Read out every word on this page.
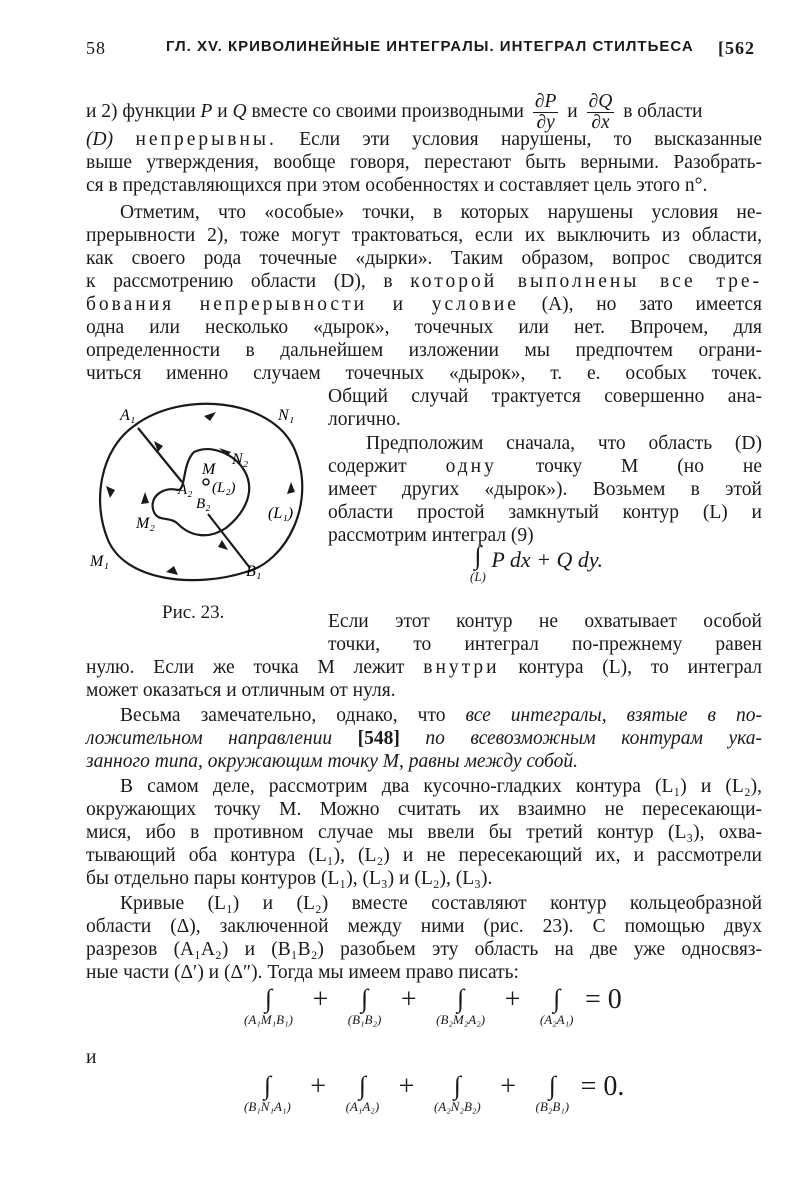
58	ГЛ. XV. КРИВОЛИНЕЙНЫЕ ИНТЕГРАЛЫ. ИНТЕГРАЛ СТИЛТЬЕСА [562
и 2) функции P и Q вместе со своими производными $\frac{\partial P}{\partial y}$ и $\frac{\partial Q}{\partial x}$ в области
(D) непрерывны. Если эти условия нарушены, то высказанные
выше утверждения, вообще говоря, перестают быть верными. Разобрать-
ся в представляющихся при этом особенностях и составляет цель этого n°.
Отметим, что «особые» точки, в которых нарушены условия не-
прерывности 2), тоже могут трактоваться, если их выключить из области,
как своего рода точечные «дырки». Таким образом, вопрос сводится
к рассмотрению области (D), в которой выполнены все тре-
бования непрерывности и условие (А), но зато имеется
одна или несколько «дырок», точечных или нет. Впрочем, для
определенности в дальнейшем изложении мы предпочтем ограни-
читься именно случаем точечных «дырок», т. е. особых точек.
Общий случай трактуется совершенно ана-
логично.
Предположим сначала, что область (D)
содержит одну точку M (но не
имеет других «дырок»). Возьмем в этой
области простой замкнутый контур (L) и
рассмотрим интеграл (9)
∫
(L)
P dx + Q dy.
A₁	N₁
N₂
M
A₂ (L₂)
B₂
(L₁)
M₂
M₁
B₁
Рис. 23.	Если этот контур не охватывает особой
точки, то интеграл по-прежнему равен
нулю. Если же точка M лежит внутри контура (L), то интеграл
может оказаться и отличным от нуля.
Весьма замечательно, однако, что все интегралы, взятые в по-
ложительном направлении [548] по всевозможным контурам ука-
занного типа, окружающим точку M, равны между собой.
В самом деле, рассмотрим два кусочно-гладких контура (L₁) и (L₂),
окружающих точку M. Можно считать их взаимно не пересекающи-
мися, ибо в противном случае мы ввели бы третий контур (L₃), охва-
тывающий оба контура (L₁), (L₂) и не пересекающий их, и рассмотрели
бы отдельно пары контуров (L₁), (L₃) и (L₂), (L₃).
Кривые (L₁) и (L₂) вместе составляют контур кольцеобразной
области (Δ), заключенной между ними (рис. 23). С помощью двух
разрезов (A₁A₂) и (B₁B₂) разобьем эту область на две уже односвяз-
ные части (Δ′) и (Δ″). Тогда мы имеем право писать:
∫
(A₁M₁B₁)
+	∫
(B₁B₂)
+	∫
(B₂M₂A₂)
+	∫
(A₂A₁)
= 0
и
∫
(B₁N₁A₁)
+	∫
(A₁A₂)
+	∫
(A₂N₂B₂)
+	∫
(B₂B₁)
= 0.
